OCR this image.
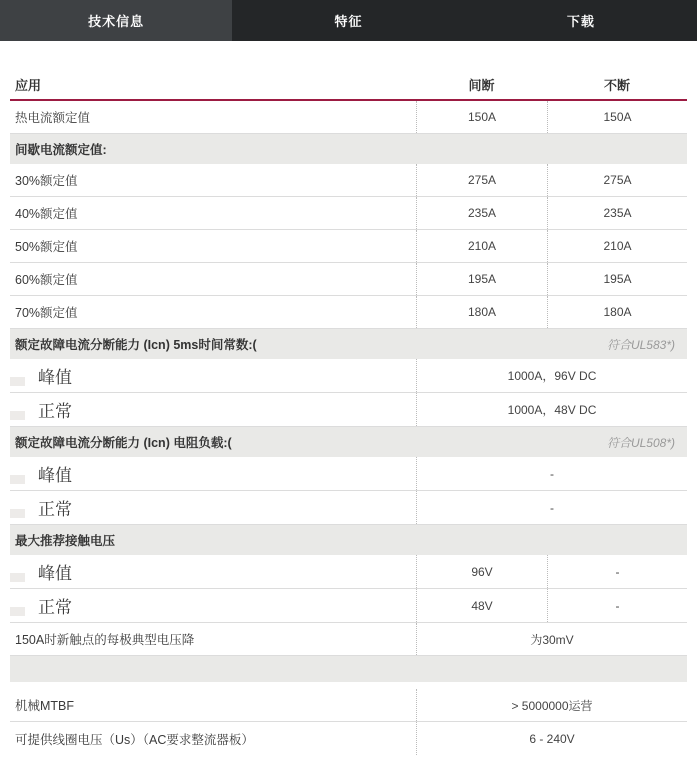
技术信息	特征	下载
应用	间断	不断
热电流额定值	150A	150A
间歇电流额定值:
30%额定值	275A	275A
40%额定值	235A	235A
50%额定值	210A	210A
60%额定值	195A	195A
70%额定值	180A	180A
额定故障电流分断能力 (Icn) 5ms时间常数:(	符合UL583*)
峰值	1000A，96V DC
正常	1000A，48V DC
额定故障电流分断能力 (Icn) 电阻负载:(	符合UL508*)
峰值	-
正常	-
最大推荐接触电压
峰值	96V	-
正常	48V	-
150A时新触点的每极典型电压降	为30mV
机械MTBF	> 5000000运营
可提供线圈电压（Us）（AC要求整流器板）	6 - 240V
